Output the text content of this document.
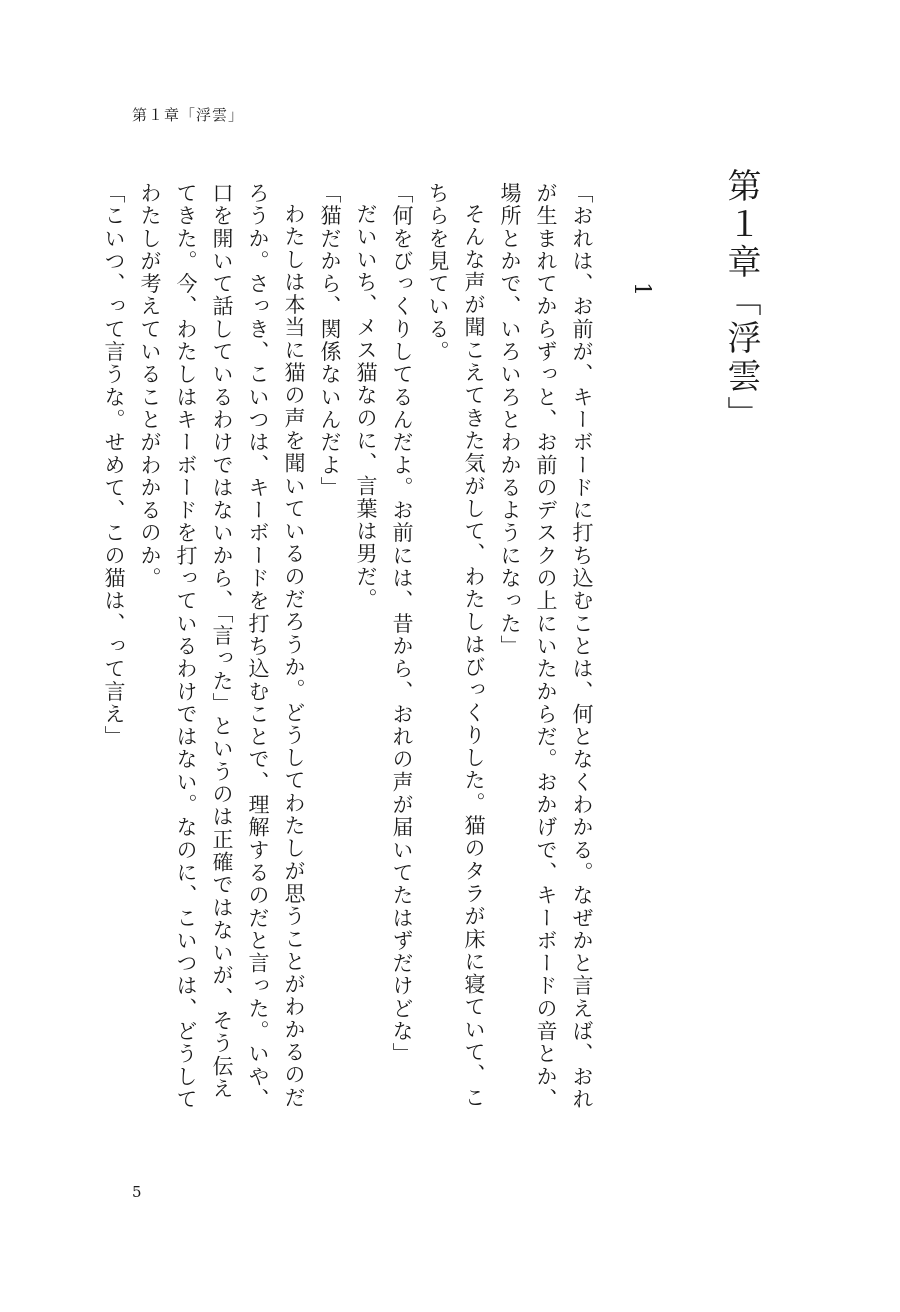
第１章「浮雲」
第１章「浮雲」
1

「おれは、お前が、キーボードに打ち込むことは、何となくわかる。なぜかと言えば、おれが生まれてからずっと、お前のデスクの上にいたからだ。おかげで、キーボードの音とか、場所とかで、いろいろとわかるようになった」

そんな声が聞こえてきた気がして、わたしはびっくりした。猫のタラが床に寝ていて、こちらを見ている。

「何をびっくりしてるんだよ。お前には、昔から、おれの声が届いてたはずだけどな」

だいいち、メス猫なのに、言葉は男だ。

「猫だから、関係ないんだよ」

わたしは本当に猫の声を聞いているのだろうか。どうしてわたしが思うことがわかるのだろうか。さっき、こいつは、キーボードを打ち込むことで、理解するのだと言った。いや、口を開いて話しているわけではないから、「言った」というのは正確ではないが、そう伝えてきた。今、わたしはキーボードを打っているわけではない。なのに、こいつは、どうしてわたしが考えていることがわかるのか。

「こいつ、って言うな。せめて、この猫は、って言え」

5
